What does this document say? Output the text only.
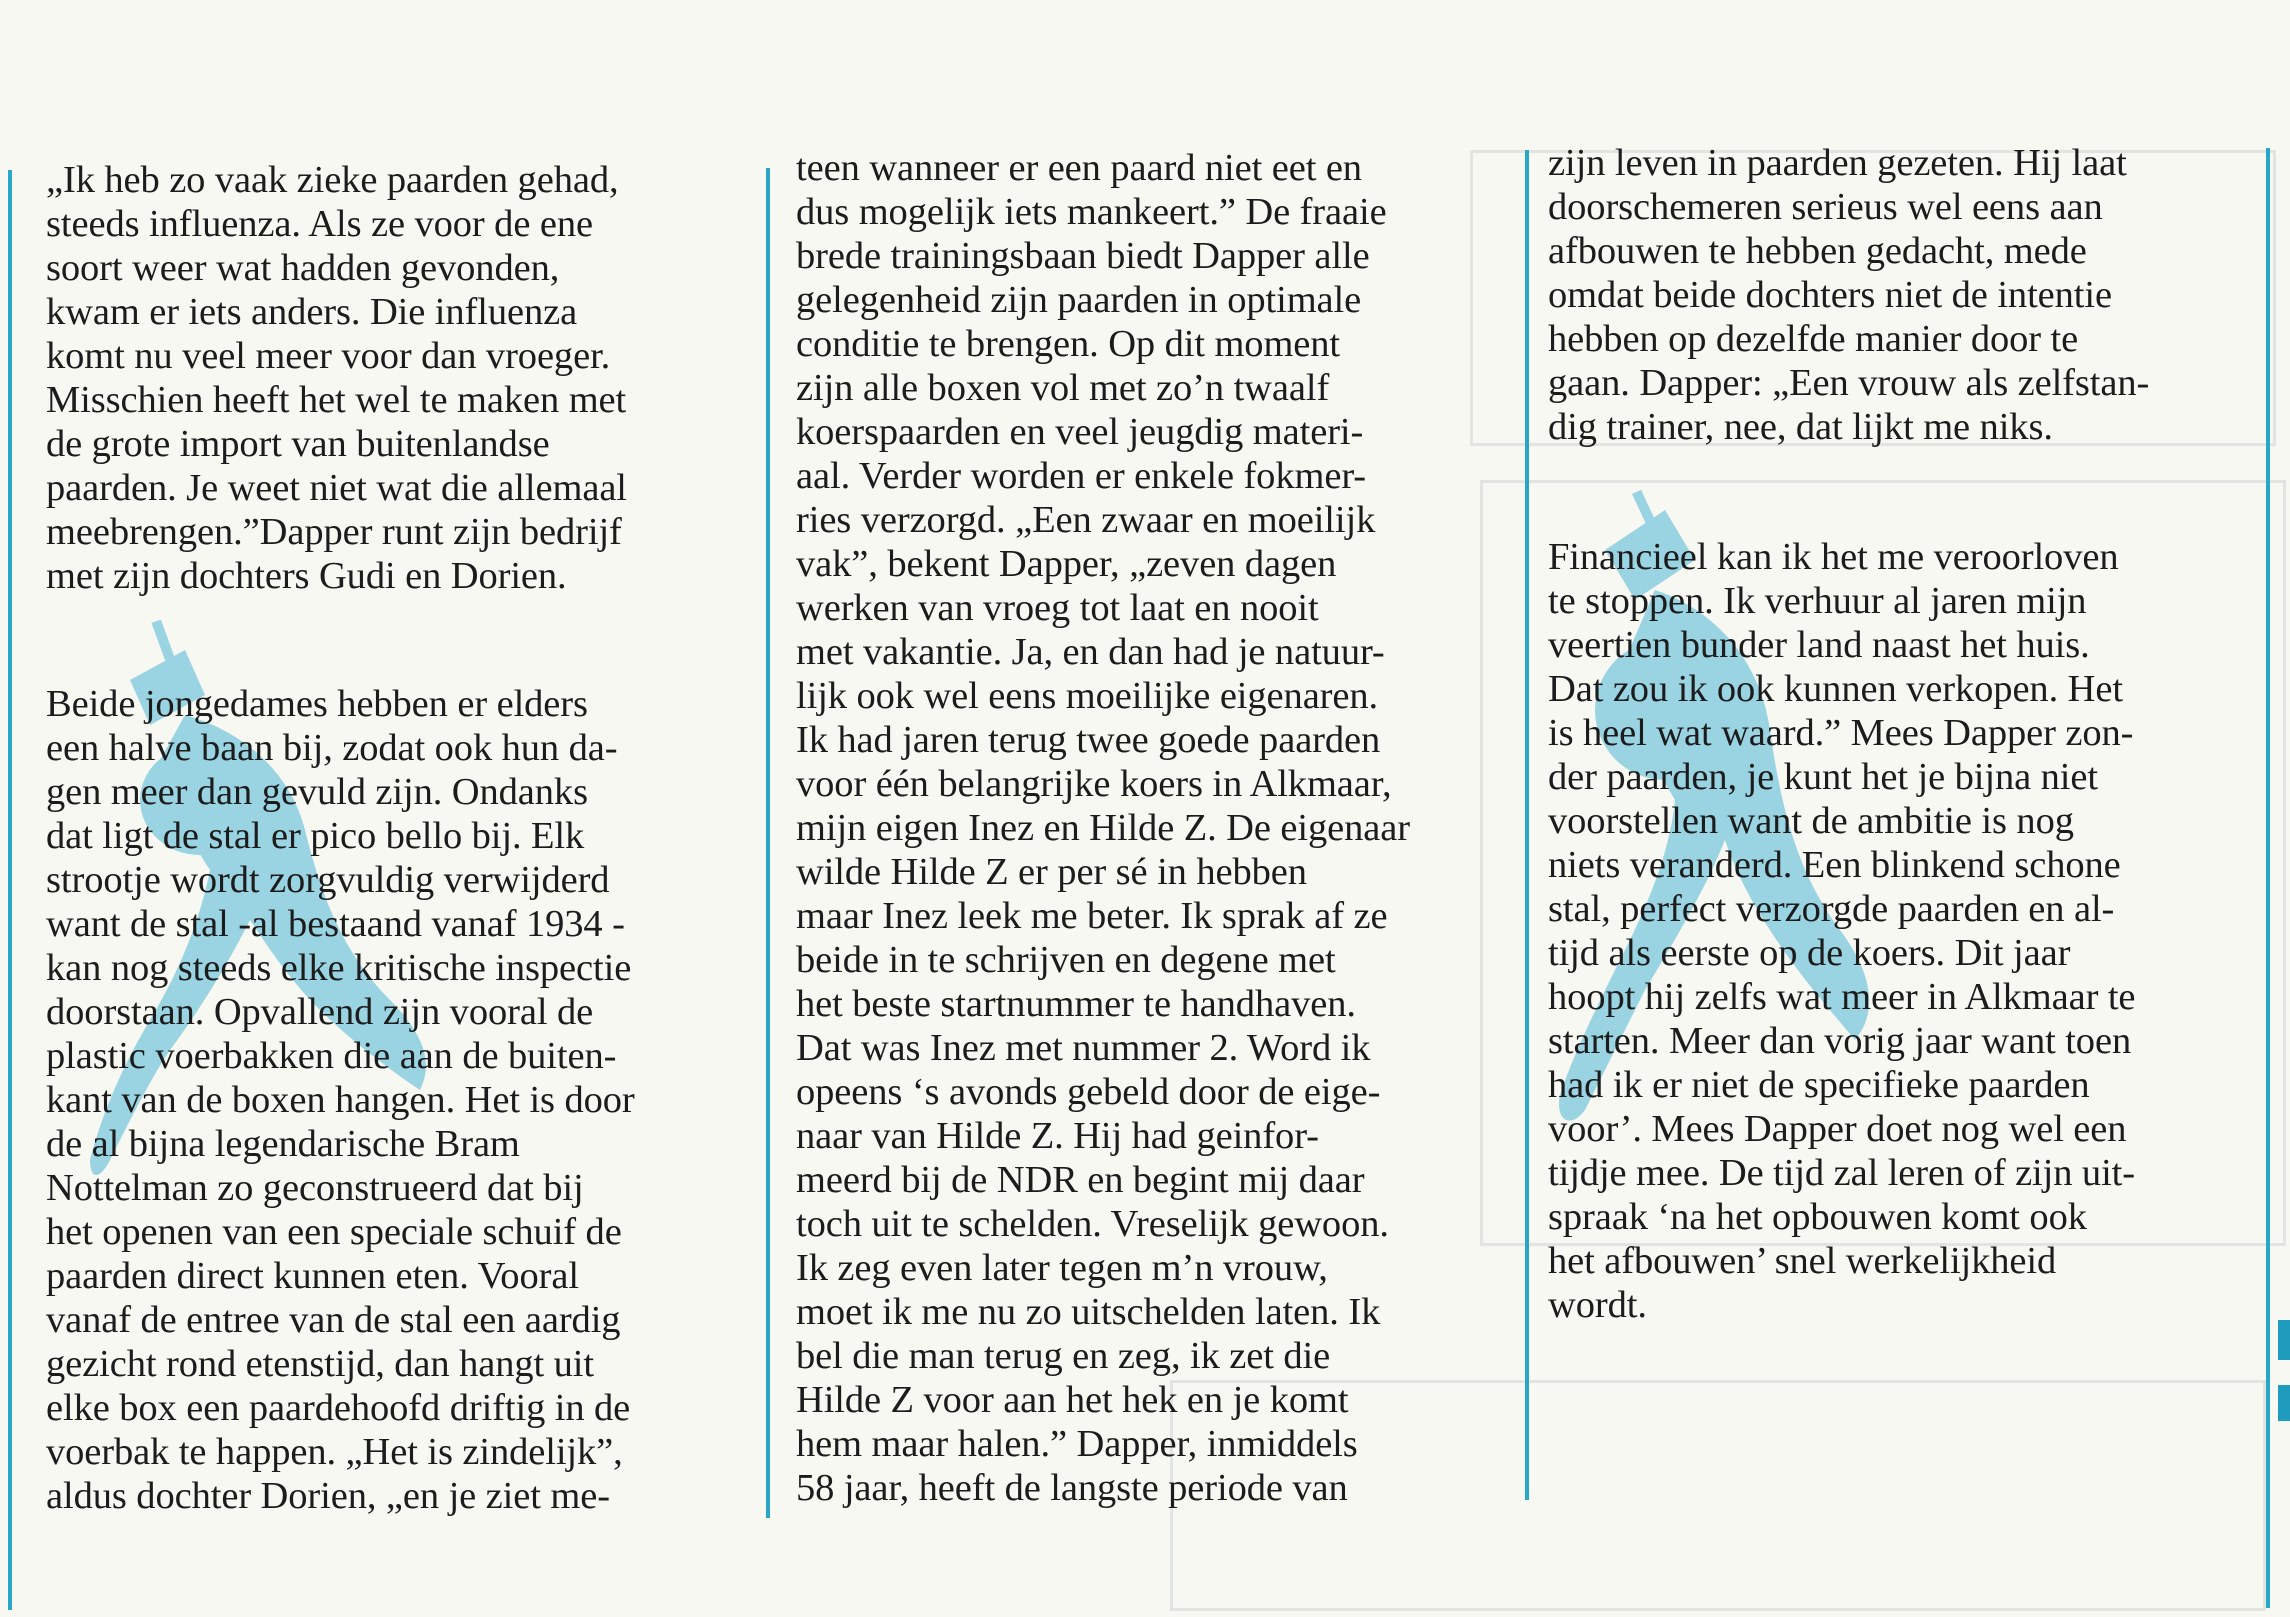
„Ik heb zo vaak zieke paarden gehad,
steeds influenza. Als ze voor de ene
soort weer wat hadden gevonden,
kwam er iets anders. Die influenza
komt nu veel meer voor dan vroeger.
Misschien heeft het wel te maken met
de grote import van buitenlandse
paarden. Je weet niet wat die allemaal
meebrengen.”Dapper runt zijn bedrijf
met zijn dochters Gudi en Dorien.

Beide jongedames hebben er elders
een halve baan bij, zodat ook hun da-
gen meer dan gevuld zijn. Ondanks
dat ligt de stal er pico bello bij. Elk
strootje wordt zorgvuldig verwijderd
want de stal -al bestaand vanaf 1934 -
kan nog steeds elke kritische inspectie
doorstaan. Opvallend zijn vooral de
plastic voerbakken die aan de buiten-
kant van de boxen hangen. Het is door
de al bijna legendarische Bram
Nottelman zo geconstrueerd dat bij
het openen van een speciale schuif de
paarden direct kunnen eten. Vooral
vanaf de entree van de stal een aardig
gezicht rond etenstijd, dan hangt uit
elke box een paardehoofd driftig in de
voerbak te happen. „Het is zindelijk”,
aldus dochter Dorien, „en je ziet me-

teen wanneer er een paard niet eet en
dus mogelijk iets mankeert.” De fraaie
brede trainingsbaan biedt Dapper alle
gelegenheid zijn paarden in optimale
conditie te brengen. Op dit moment
zijn alle boxen vol met zo’n twaalf
koerspaarden en veel jeugdig materi-
aal. Verder worden er enkele fokmer-
ries verzorgd. „Een zwaar en moeilijk
vak”, bekent Dapper, „zeven dagen
werken van vroeg tot laat en nooit
met vakantie. Ja, en dan had je natuur-
lijk ook wel eens moeilijke eigenaren.
Ik had jaren terug twee goede paarden
voor één belangrijke koers in Alkmaar,
mijn eigen Inez en Hilde Z. De eigenaar
wilde Hilde Z er per sé in hebben
maar Inez leek me beter. Ik sprak af ze
beide in te schrijven en degene met
het beste startnummer te handhaven.
Dat was Inez met nummer 2. Word ik
opeens ‘s avonds gebeld door de eige-
naar van Hilde Z. Hij had geinfor-
meerd bij de NDR en begint mij daar
toch uit te schelden. Vreselijk gewoon.
Ik zeg even later tegen m’n vrouw,
moet ik me nu zo uitschelden laten. Ik
bel die man terug en zeg, ik zet die
Hilde Z voor aan het hek en je komt
hem maar halen.” Dapper, inmiddels
58 jaar, heeft de langste periode van

zijn leven in paarden gezeten. Hij laat
doorschemeren serieus wel eens aan
afbouwen te hebben gedacht, mede
omdat beide dochters niet de intentie
hebben op dezelfde manier door te
gaan. Dapper: „Een vrouw als zelfstan-
dig trainer, nee, dat lijkt me niks.

Financieel kan ik het me veroorloven
te stoppen. Ik verhuur al jaren mijn
veertien bunder land naast het huis.
Dat zou ik ook kunnen verkopen. Het
is heel wat waard.” Mees Dapper zon-
der paarden, je kunt het je bijna niet
voorstellen want de ambitie is nog
niets veranderd. Een blinkend schone
stal, perfect verzorgde paarden en al-
tijd als eerste op de koers. Dit jaar
hoopt hij zelfs wat meer in Alkmaar te
starten. Meer dan vorig jaar want toen
had ik er niet de specifieke paarden
voor’. Mees Dapper doet nog wel een
tijdje mee. De tijd zal leren of zijn uit-
spraak ‘na het opbouwen komt ook
het afbouwen’ snel werkelijkheid
wordt.
